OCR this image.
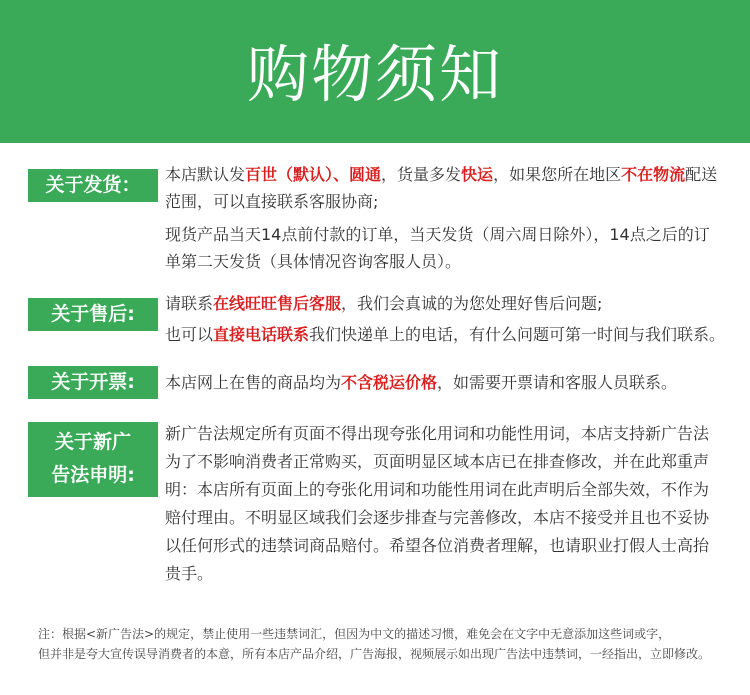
购物须知
关于发货：	本店默认发百世（默认）、圆通，货量多发快运，如果您所在地区不在物流配送
范围，可以直接联系客服协商;
现货产品当天14点前付款的订单，当天发货（周六周日除外），14点之后的订
单第二天发货（具体情况咨询客服人员）。
关于售后:	请联系在线旺旺售后客服，我们会真诚的为您处理好售后问题;
也可以直接电话联系我们快递单上的电话，有什么问题可第一时间与我们联系。
关于开票:	本店网上在售的商品均为不含税运价格，如需要开票请和客服人员联系。
关于新广
告法申明:
新广告法规定所有页面不得出现夸张化用词和功能性用词，本店支持新广告法
为了不影响消费者正常购买，页面明显区域本店已在排查修改，并在此郑重声
明：本店所有页面上的夸张化用词和功能性用词在此声明后全部失效，不作为
赔付理由。不明显区域我们会逐步排查与完善修改，本店不接受并且也不妥协
以任何形式的违禁词商品赔付。希望各位消费者理解，也请职业打假人士高抬
贵手。
注：根据<新广告法>的规定，禁止使用一些违禁词汇，但因为中文的描述习惯，难免会在文字中无意添加这些词或字，
但并非是夸大宣传误导消费者的本意，所有本店产品介绍，广告海报，视频展示如出现广告法中违禁词，一经指出，立即修改。
